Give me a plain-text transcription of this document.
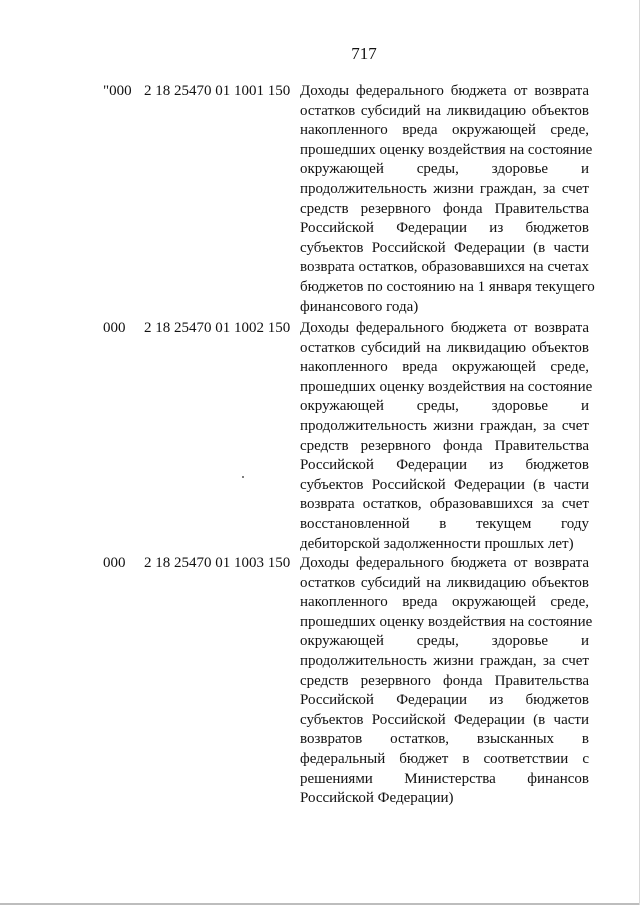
717
"000 2 18 25470 01 1001 150 Доходы федерального бюджета от возврата
остатков субсидий на ликвидацию объектов
накопленного вреда окружающей среде,
прошедших оценку воздействия на состояние
окружающей среды, здоровье и
продолжительность жизни граждан, за счет
средств резервного фонда Правительства
Российской Федерации из бюджетов
субъектов Российской Федерации (в части
возврата остатков, образовавшихся на счетах
бюджетов по состоянию на 1 января текущего
финансового года)
000 2 18 25470 01 1002 150 Доходы федерального бюджета от возврата
остатков субсидий на ликвидацию объектов
накопленного вреда окружающей среде,
прошедших оценку воздействия на состояние
окружающей среды, здоровье и
продолжительность жизни граждан, за счет
средств резервного фонда Правительства
Российской Федерации из бюджетов
субъектов Российской Федерации (в части
возврата остатков, образовавшихся за счет
восстановленной в текущем году
дебиторской задолженности прошлых лет)
000 2 18 25470 01 1003 150 Доходы федерального бюджета от возврата
остатков субсидий на ликвидацию объектов
накопленного вреда окружающей среде,
прошедших оценку воздействия на состояние
окружающей среды, здоровье и
продолжительность жизни граждан, за счет
средств резервного фонда Правительства
Российской Федерации из бюджетов
субъектов Российской Федерации (в части
возвратов остатков, взысканных в
федеральный бюджет в соответствии с
решениями Министерства финансов
Российской Федерации)
